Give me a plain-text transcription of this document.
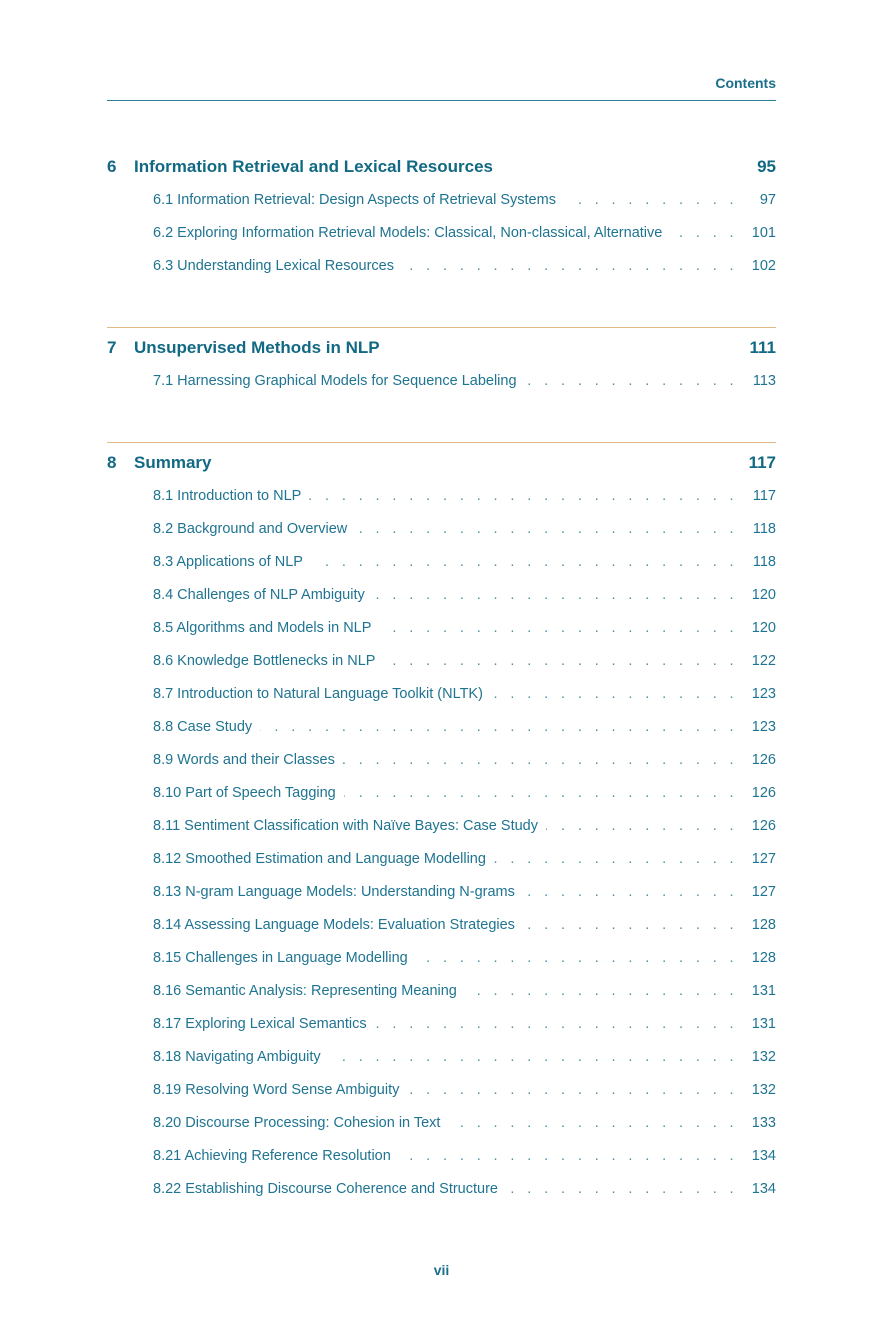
Contents
6	Information Retrieval and Lexical Resources	95
6.1 Information Retrieval: Design Aspects of Retrieval Systems . . .	97
6.2 Exploring Information Retrieval Models: Classical, Non-classical, Alternative . . .	101
6.3 Understanding Lexical Resources . . .	102
7	Unsupervised Methods in NLP	111
7.1 Harnessing Graphical Models for Sequence Labeling . . .	113
8	Summary	117
8.1 Introduction to NLP . . .	117
8.2 Background and Overview . . .	118
8.3 Applications of NLP . . .	118
8.4 Challenges of NLP Ambiguity . . .	120
8.5 Algorithms and Models in NLP . . .	120
8.6 Knowledge Bottlenecks in NLP . . .	122
8.7 Introduction to Natural Language Toolkit (NLTK) . . .	123
8.8 Case Study . . .	123
8.9 Words and their Classes . . .	126
8.10 Part of Speech Tagging . . .	126
8.11 Sentiment Classification with Naïve Bayes: Case Study . . .	126
8.12 Smoothed Estimation and Language Modelling . . .	127
8.13 N-gram Language Models: Understanding N-grams . . .	127
8.14 Assessing Language Models: Evaluation Strategies . . .	128
8.15 Challenges in Language Modelling . . .	128
8.16 Semantic Analysis: Representing Meaning . . .	131
8.17 Exploring Lexical Semantics . . .	131
8.18 Navigating Ambiguity . . .	132
8.19 Resolving Word Sense Ambiguity . . .	132
8.20 Discourse Processing: Cohesion in Text . . .	133
8.21 Achieving Reference Resolution . . .	134
8.22 Establishing Discourse Coherence and Structure . . .	134
vii
